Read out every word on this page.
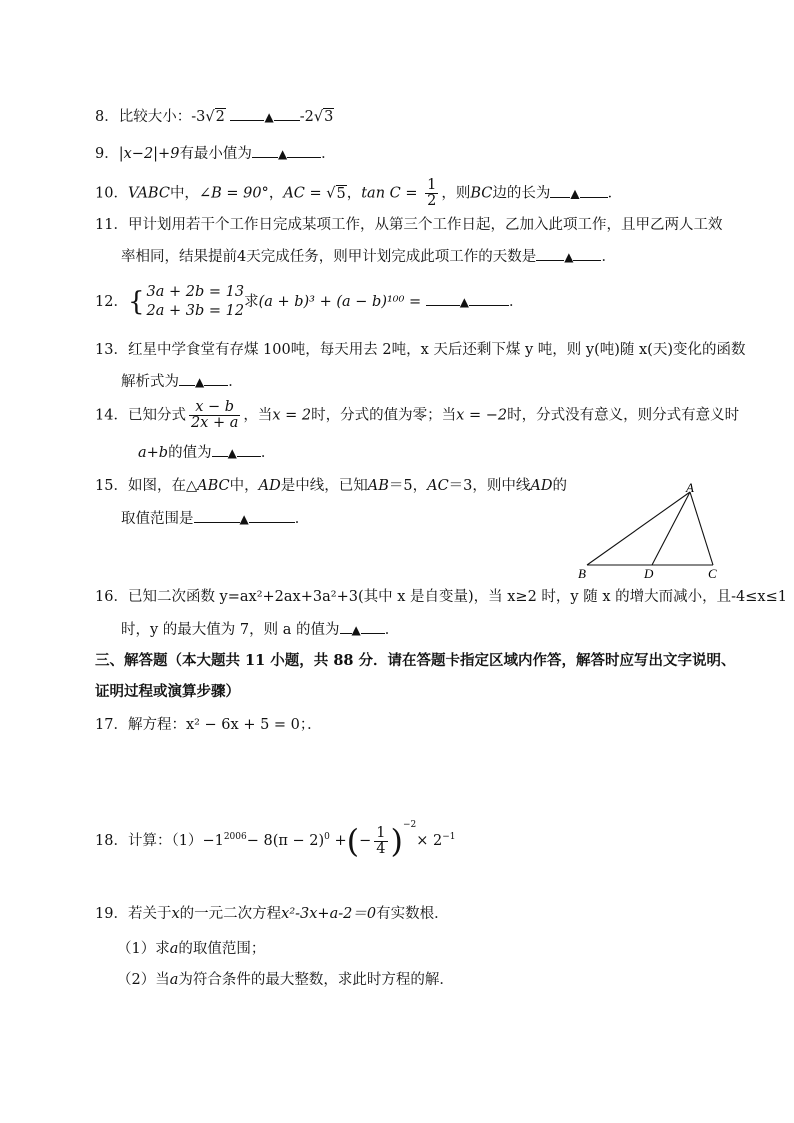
8．比较大小：-3√2	▲ -2√3
9．|x−2|+9有最小值为 ▲ ．
10．VABC中，∠B = 90°，AC = √5，$\tan C = \frac{1}{2}$ ，则BC边的长为 ▲ ．
11．甲计划用若干个工作日完成某项工作，从第三个工作日起，乙加入此项工作，且甲乙两人工效
率相同，结果提前4天完成任务，则甲计划完成此项工作的天数是 ▲ ．
12．{ 3a + 2b = 13
2a + 3b = 12
求(a + b)³ + (a − b)¹⁰⁰ =	▲	．
13．红星中学食堂有存煤 100吨，每天用去 2吨，x 天后还剩下煤 y 吨，则 y(吨)随 x(天)变化的函数
解析式为 ▲ ．
14．已知分式 $\frac{x - b}{2x + a}$ ，当x = 2时，分式的值为零；当x = −2时，分式没有意义，则分式有意义时
a+b的值为 ▲ ．
15．如图，在△ABC中，AD是中线，已知AB＝5，AC＝3，则中线AD的
取值范围是	▲	．
A
B	D	C
16．已知二次函数 y=ax²+2ax+3a²+3(其中 x 是自变量)，当 x≥2 时，y 随 x 的增大而减小，且-4≤x≤1
时，y 的最大值为 7，则 a 的值为 ▲ ．
三、解答题（本大题共 11 小题，共 88 分．请在答题卡指定区域内作答，解答时应写出文字说明、
证明过程或演算步骤）
17．解方程：x² − 6x + 5 = 0；．
18．计算：$(1)-1^{2006}- 8(\pi - 2)^0$ +(− $\frac{1}{4} )^{-2}\times 2^{-1}$
19．若关于x的一元二次方程x²-3x+a-2＝0有实数根．
（1）求a的取值范围；
（2）当a为符合条件的最大整数，求此时方程的解．
